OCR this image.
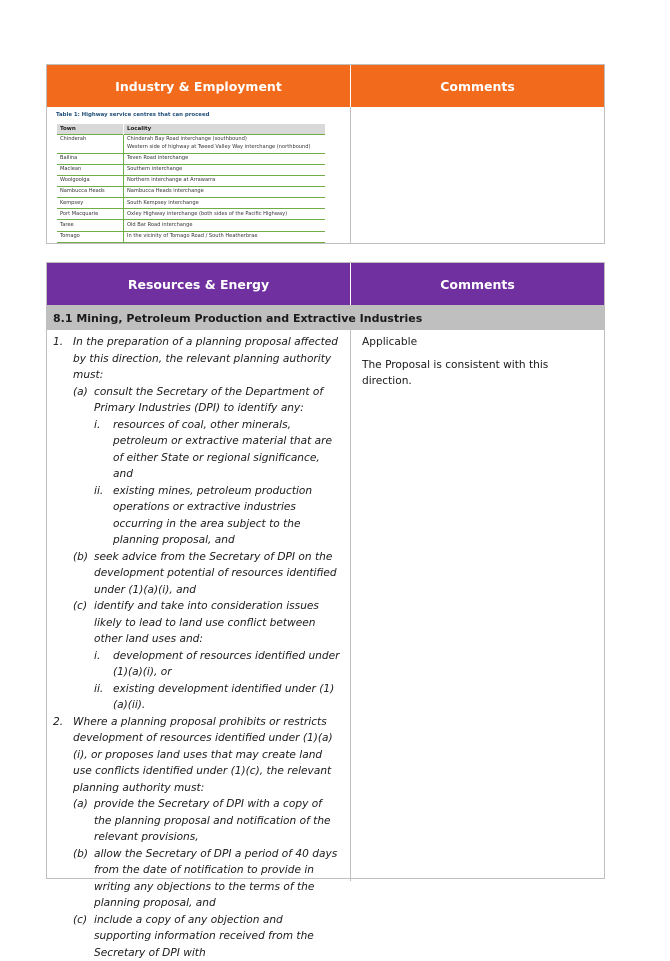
Industry & Employment	Comments
Table 1: Highway service centres that can proceed
Town	Locality
Chinderah	Chinderah Bay Road interchange (southbound)
Western side of highway at Tweed Valley Way interchange (northbound)

Ballina	Teven Road interchange

Maclean	Southern interchange

Woolgoolga	Northern interchange at Arrawarra

Nambucca Heads	Nambucca Heads interchange

Kempsey	South Kempsey interchange

Port Macquarie	Oxley Highway interchange (both sides of the Pacific Highway)

Taree	Old Bar Road interchange

Tomago	In the vicinity of Tomago Road / South Heatherbrae
Resources & Energy	Comments
8.1 Mining, Petroleum Production and Extractive Industries
1. In the preparation of a planning proposal affected by this direction, the relevant planning authority must:
(a) consult the Secretary of the Department of Primary Industries (DPI) to identify any:
i.	resources of coal, other minerals, petroleum or extractive material that are of either State or regional significance, and
ii. existing mines, petroleum production operations or extractive industries occurring in the area subject to the planning proposal, and
(b) seek advice from the Secretary of DPI on the development potential of resources identified under (1)(a)(i), and
(c) identify and take into consideration issues likely to lead to land use conflict between other land uses and:
i.	development of resources identified under (1)(a)(i), or
ii. existing development identified under (1)(a)(ii).
2. Where a planning proposal prohibits or restricts development of resources identified under (1)(a)(i), or proposes land uses that may create land use conflicts identified under (1)(c), the relevant planning authority must:
(a) provide the Secretary of DPI with a copy of the planning proposal and notification of the relevant provisions,
(b) allow the Secretary of DPI a period of 40 days from the date of notification to provide in writing any objections to the terms of the planning proposal, and
(c) include a copy of any objection and supporting information received from the Secretary of DPI with

Applicable

The Proposal is consistent with this direction.
